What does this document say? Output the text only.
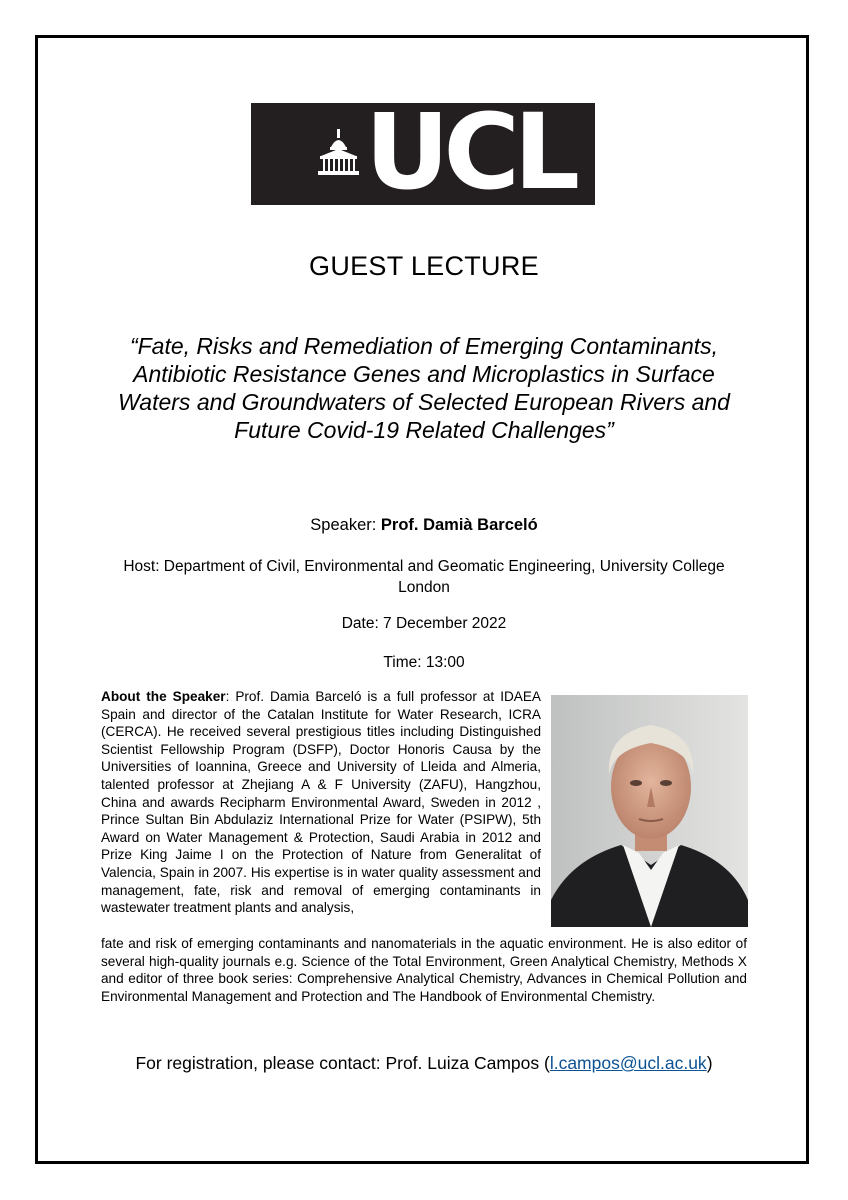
UCL
GUEST LECTURE
“Fate, Risks and Remediation of Emerging Contaminants, Antibiotic Resistance Genes and Microplastics in Surface Waters and Groundwaters of Selected European Rivers and Future Covid-19 Related Challenges”
Speaker: Prof. Damià Barceló
Host: Department of Civil, Environmental and Geomatic Engineering, University College London
Date: 7 December 2022
Time: 13:00
About the Speaker: Prof. Damia Barceló is a full professor at IDAEA Spain and director of the Catalan Institute for Water Research, ICRA (CERCA). He received several prestigious titles including Distinguished Scientist Fellowship Program (DSFP), Doctor Honoris Causa by the Universities of Ioannina, Greece and University of Lleida and Almeria, talented professor at Zhejiang A & F University (ZAFU), Hangzhou, China and awards Recipharm Environmental Award, Sweden in 2012 , Prince Sultan Bin Abdulaziz International Prize for Water (PSIPW), 5th Award on Water Management & Protection, Saudi Arabia in 2012 and Prize King Jaime I on the Protection of Nature from Generalitat of Valencia, Spain in 2007. His expertise is in water quality assessment and management, fate, risk and removal of emerging contaminants in wastewater treatment plants and analysis,
fate and risk of emerging contaminants and nanomaterials in the aquatic environment. He is also editor of several high-quality journals e.g. Science of the Total Environment, Green Analytical Chemistry, Methods X and editor of three book series: Comprehensive Analytical Chemistry, Advances in Chemical Pollution and Environmental Management and Protection and The Handbook of Environmental Chemistry.
For registration, please contact: Prof. Luiza Campos (l.campos@ucl.ac.uk)
